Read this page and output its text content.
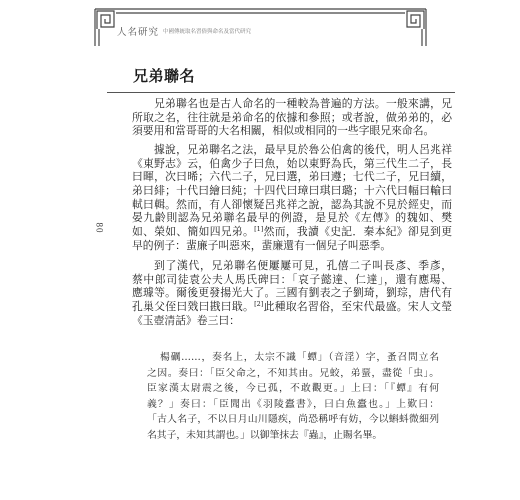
人名研究 中國傳統取名習俗與命名及當代研究
兄弟聯名
80
兄弟聯名也是古人命名的一種較為普遍的方法。一般來講，兄
所取之名，往往就是弟命名的依據和參照；或者說，做弟弟的，必
須要用和當哥哥的大名相關，相似或相同的一些字眼兄來命名。
據說，兄弟聯名之法，最早見於魯公伯禽的後代，明人呂兆祥
《東野志》云，伯禽少子曰魚，始以東野為氏，第三代生二子，長
曰暉，次曰晞；六代二子，兄曰選，弟曰遵；七代二子，兄曰續，
弟曰緋；十代曰繪曰純；十四代曰璋曰琪曰璐；十六代曰幅曰輸曰
軾曰輯。然而，有人卻懷疑呂兆祥之說，認為其說不見於經史，而
晏九齡則認為兄弟聯名最早的例證，是見於《左傳》的魏如、樊
如、榮如、簡如四兄弟。[1]然而，我讀《史記．秦本紀》卻見到更
早的例子：蜚廉子叫惡來，蜚廉還有一個兒子叫惡季。
到了漢代，兄弟聯名便屢屢可見，孔僖二子叫長彥、季彥，
蔡中郎司徒袁公夫人馬氏碑曰：「哀子懿達、仁達」，還有應瑒、
應璩等。爾後更發揚光大了。三國有劉表之子劉琦，劉琮，唐代有
孔巢父侄曰戣曰戡曰戢。[2]此種取名習俗，至宋代最盛。宋人文瑩
《玉壺清話》卷三曰：
楊礪……，奏名上，太宗不識「蟫」（音淫）字，蚤召問立名
之因。奏曰：「臣父命之，不知其由。兄蛟，弟蝁，盡從「虫」。
臣家漢太尉震之後，今已孤，不敢觀更。」上曰：「『蟫』有何
義？」奏曰：「臣聞出《羽陵蠹書》，曰白魚蠹也。」上歎曰：
「古人名子，不以日月山川隱疾，尚恐稱呼有妨，今以蝌蚪微細列
名其子，未知其謂也。」以御筆抹去『蟲』，止賜名畢。
